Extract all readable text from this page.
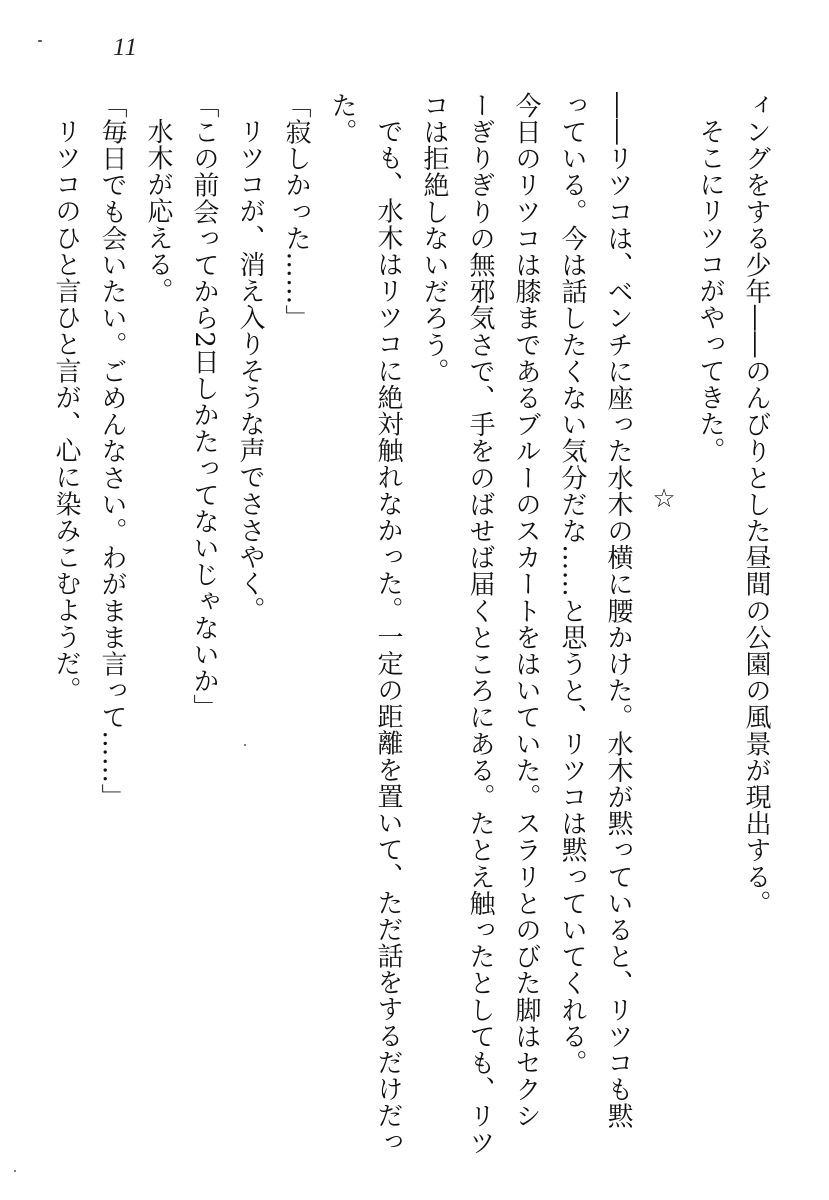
11
ィングをする少年――のんびりとした昼間の公園の風景が現出する。
そこにリツコがやってきた。
☆
――リツコは、ベンチに座った水木の横に腰かけた。水木が黙っていると、リツコも黙
っている。今は話したくない気分だな……と思うと、リツコは黙っていてくれる。
今日のリツコは膝まであるブルーのスカートをはいていた。スラリとのびた脚はセクシ
ーぎりぎりの無邪気さで、手をのばせば届くところにある。たとえ触ったとしても、リツ
コは拒絶しないだろう。
でも、水木はリツコに絶対触れなかった。一定の距離を置いて、ただ話をするだけだっ
た。
「寂しかった……」
リツコが、消え入りそうな声でささやく。
「この前会ってから2日しかたってないじゃないか」
水木が応える。
「毎日でも会いたい。ごめんなさい。わがまま言って……」
リツコのひと言ひと言が、心に染みこむようだ。
